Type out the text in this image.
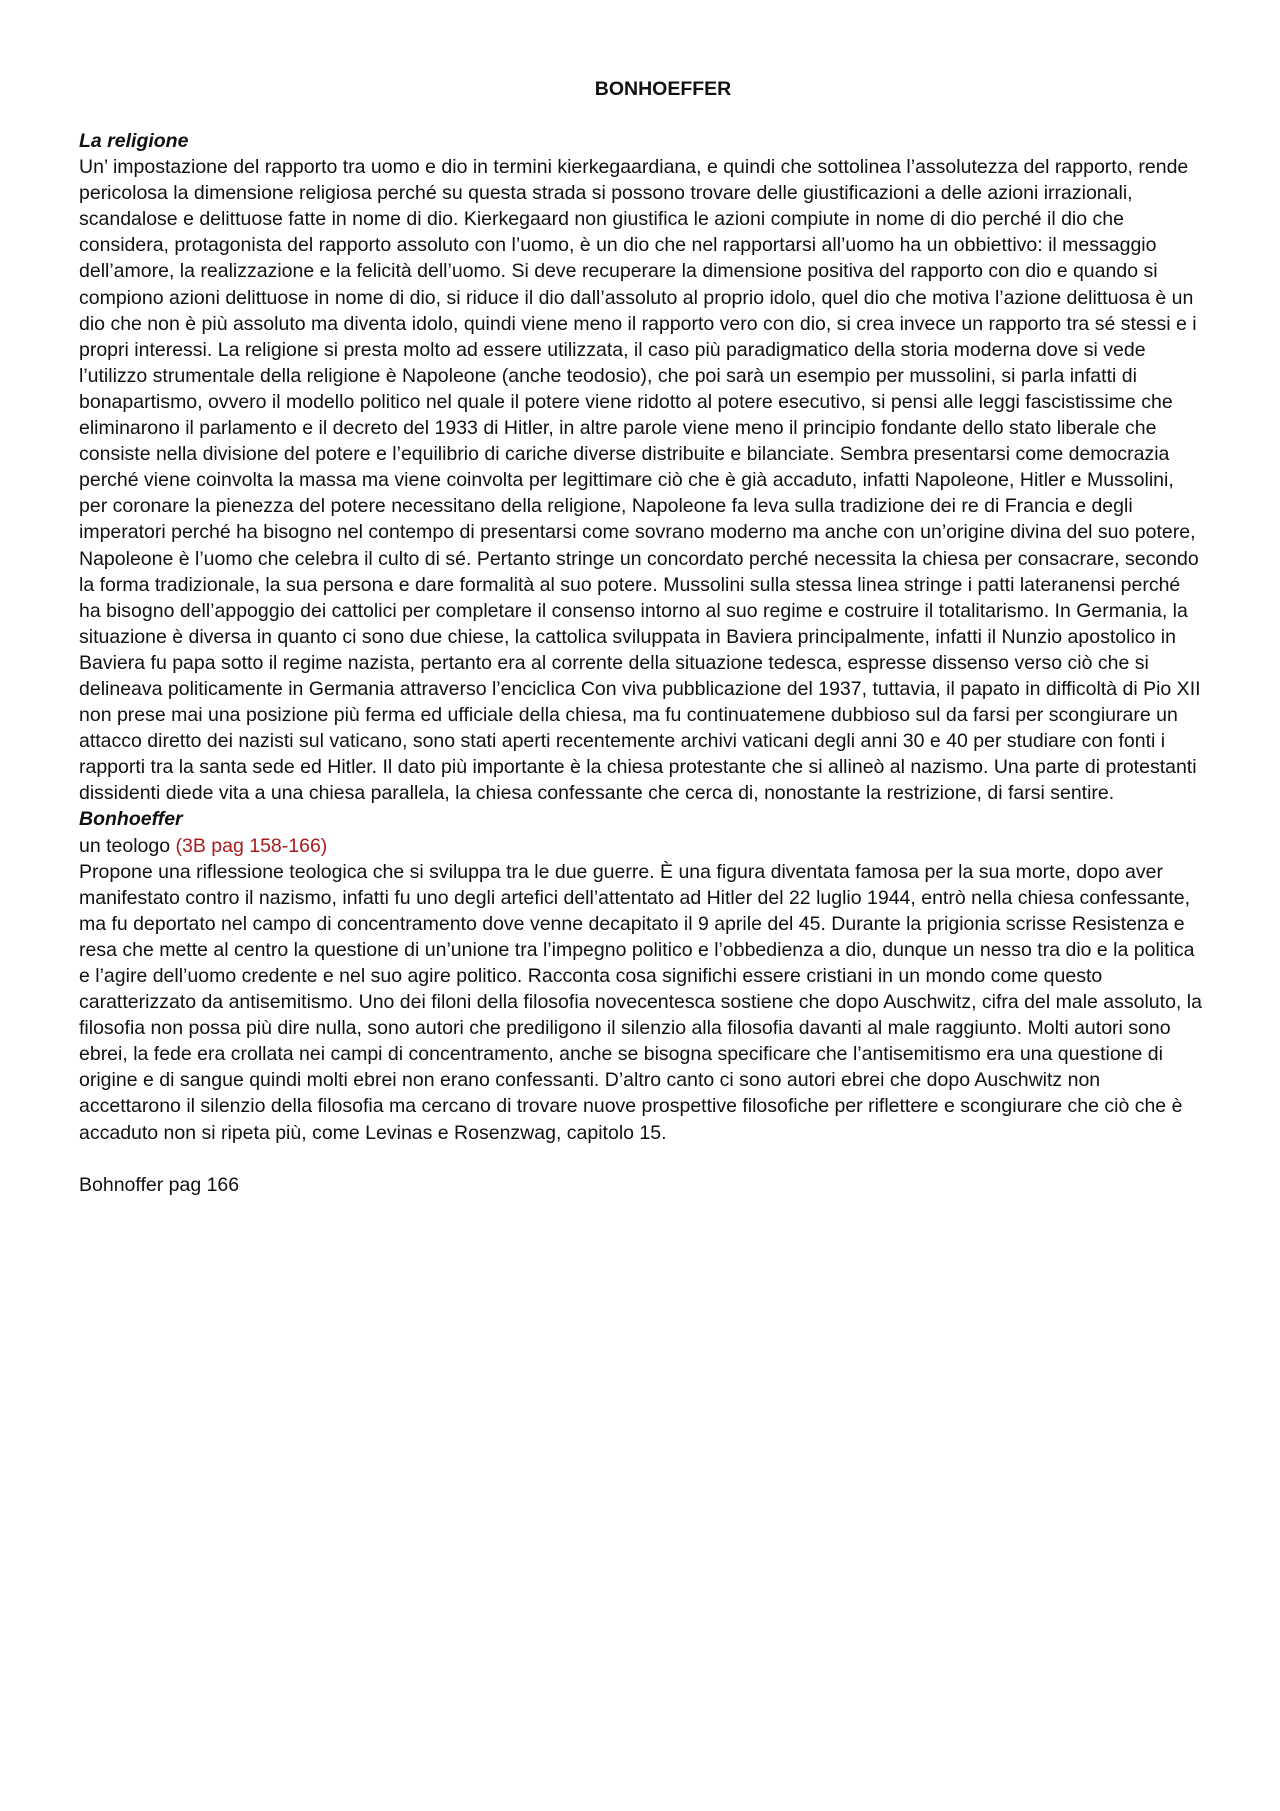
BONHOEFFER

La religione

Un’ impostazione del rapporto tra uomo e dio in termini kierkegaardiana, e quindi che sottolinea l’assolutezza del rapporto, rende pericolosa la dimensione religiosa perché su questa strada si possono trovare delle giustificazioni a delle azioni irrazionali, scandalose e delittuose fatte in nome di dio. Kierkegaard non giustifica le azioni compiute in nome di dio perché il dio che considera, protagonista del rapporto assoluto con l’uomo, è un dio che nel rapportarsi all’uomo ha un obbiettivo: il messaggio dell’amore, la realizzazione e la felicità dell’uomo. Si deve recuperare la dimensione positiva del rapporto con dio e quando si compiono azioni delittuose in nome di dio, si riduce il dio dall’assoluto al proprio idolo, quel dio che motiva l’azione delittuosa è un dio che non è più assoluto ma diventa idolo, quindi viene meno il rapporto vero con dio, si crea invece un rapporto tra sé stessi e i propri interessi. La religione si presta molto ad essere utilizzata, il caso più paradigmatico della storia moderna dove si vede l’utilizzo strumentale della religione è Napoleone (anche teodosio), che poi sarà un esempio per mussolini, si parla infatti di bonapartismo, ovvero il modello politico nel quale il potere viene ridotto al potere esecutivo, si pensi alle leggi fascistissime che eliminarono il parlamento e il decreto del 1933 di Hitler, in altre parole viene meno il principio fondante dello stato liberale che consiste nella divisione del potere e l’equilibrio di cariche diverse distribuite e bilanciate. Sembra presentarsi come democrazia perché viene coinvolta la massa ma viene coinvolta per legittimare ciò che è già accaduto, infatti Napoleone, Hitler e Mussolini, per coronare la pienezza del potere necessitano della religione, Napoleone fa leva sulla tradizione dei re di Francia e degli imperatori perché ha bisogno nel contempo di presentarsi come sovrano moderno ma anche con un’origine divina del suo potere, Napoleone è l’uomo che celebra il culto di sé. Pertanto stringe un concordato perché necessita la chiesa per consacrare, secondo la forma tradizionale, la sua persona e dare formalità al suo potere. Mussolini sulla stessa linea stringe i patti lateranensi perché ha bisogno dell’appoggio dei cattolici per completare il consenso intorno al suo regime e costruire il totalitarismo. In Germania, la situazione è diversa in quanto ci sono due chiese, la cattolica sviluppata in Baviera principalmente, infatti il Nunzio apostolico in Baviera fu papa sotto il regime nazista, pertanto era al corrente della situazione tedesca, espresse dissenso verso ciò che si delineava politicamente in Germania attraverso l’enciclica Con viva pubblicazione del 1937, tuttavia, il papato in difficoltà di Pio XII non prese mai una posizione più ferma ed ufficiale della chiesa, ma fu continuatemene dubbioso sul da farsi per scongiurare un attacco diretto dei nazisti sul vaticano, sono stati aperti recentemente archivi vaticani degli anni 30 e 40 per studiare con fonti i rapporti tra la santa sede ed Hitler. Il dato più importante è la chiesa protestante che si allineò al nazismo. Una parte di protestanti dissidenti diede vita a una chiesa parallela, la chiesa confessante che cerca di, nonostante la restrizione, di farsi sentire.

Bonhoeffer

un teologo (3B pag 158-166)

Propone una riflessione teologica che si sviluppa tra le due guerre. È una figura diventata famosa per la sua morte, dopo aver manifestato contro il nazismo, infatti fu uno degli artefici dell’attentato ad Hitler del 22 luglio 1944, entrò nella chiesa confessante, ma fu deportato nel campo di concentramento dove venne decapitato il 9 aprile del 45. Durante la prigionia scrisse Resistenza e resa che mette al centro la questione di un’unione tra l’impegno politico e l’obbedienza a dio, dunque un nesso tra dio e la politica e l’agire dell’uomo credente e nel suo agire politico. Racconta cosa significhi essere cristiani in un mondo come questo caratterizzato da antisemitismo. Uno dei filoni della filosofia novecentesca sostiene che dopo Auschwitz, cifra del male assoluto, la filosofia non possa più dire nulla, sono autori che prediligono il silenzio alla filosofia davanti al male raggiunto. Molti autori sono ebrei, la fede era crollata nei campi di concentramento, anche se bisogna specificare che l’antisemitismo era una questione di origine e di sangue quindi molti ebrei non erano confessanti. D’altro canto ci sono autori ebrei che dopo Auschwitz non accettarono il silenzio della filosofia ma cercano di trovare nuove prospettive filosofiche per riflettere e scongiurare che ciò che è accaduto non si ripeta più, come Levinas e Rosenzwag, capitolo 15.

Bohnoffer pag 166
